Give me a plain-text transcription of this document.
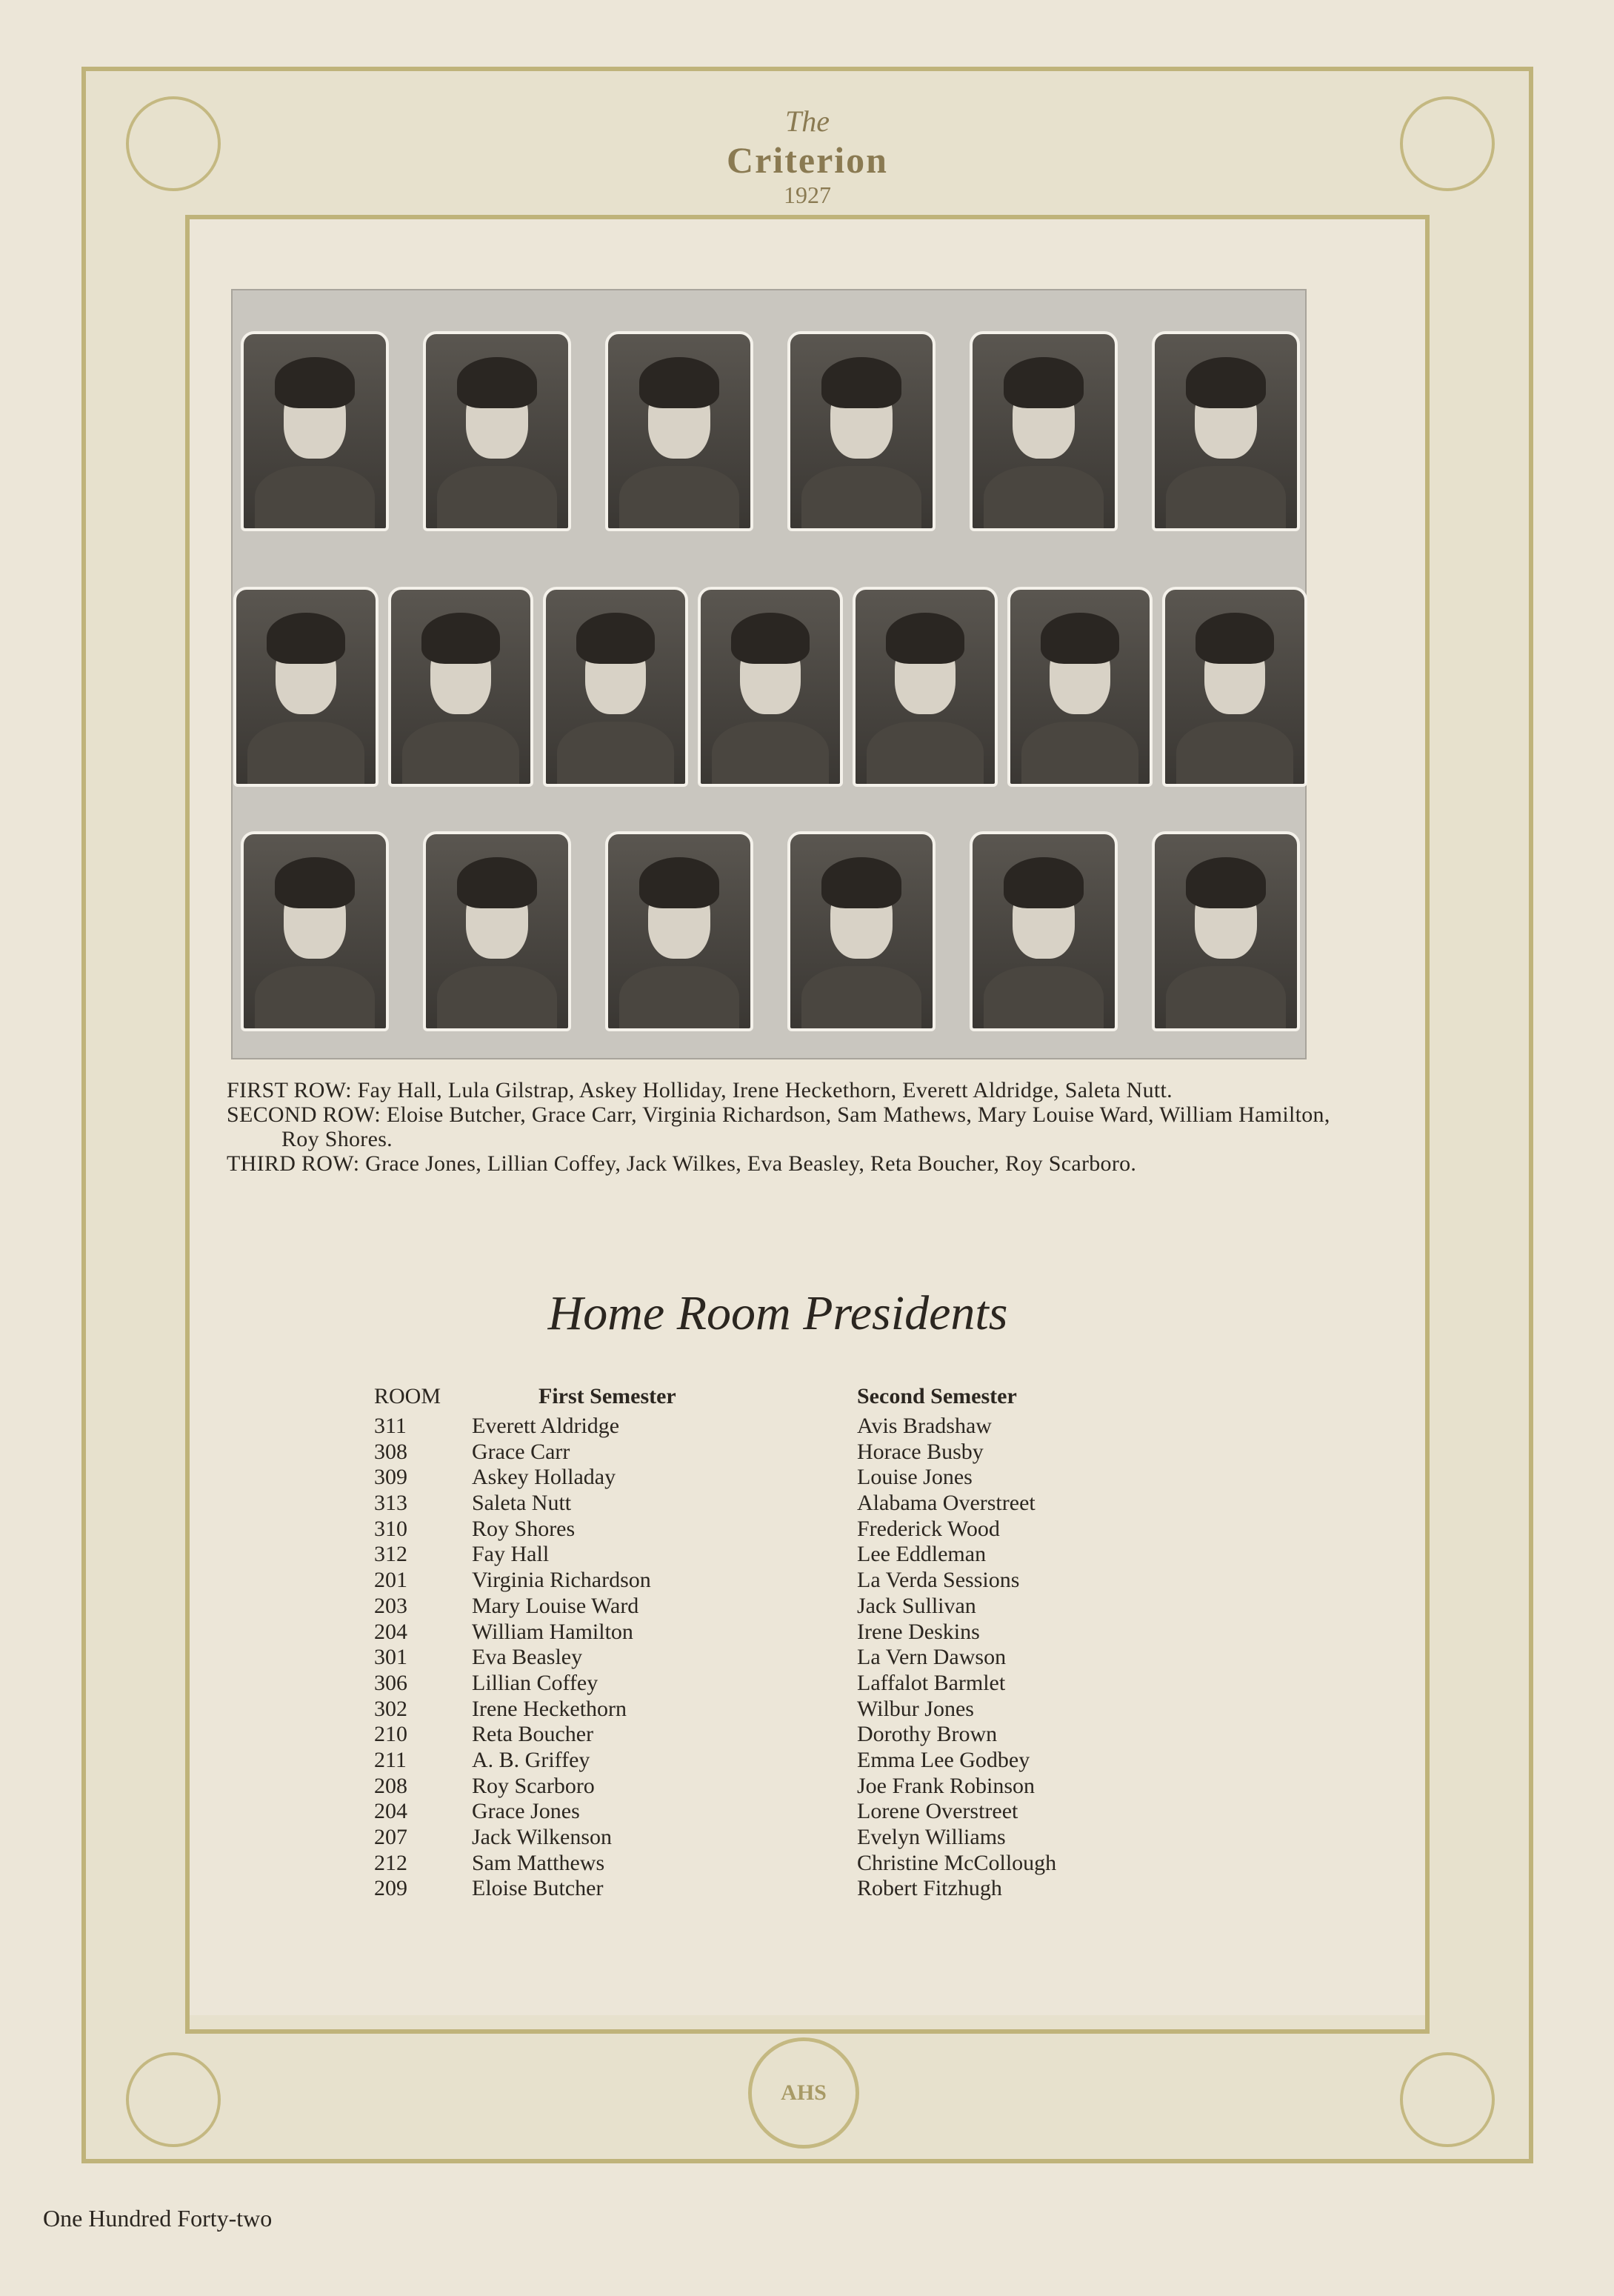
The
Criterion
1927

FIRST ROW: Fay Hall, Lula Gilstrap, Askey Holliday, Irene Heckethorn, Everett Aldridge, Saleta Nutt.

SECOND ROW: Eloise Butcher, Grace Carr, Virginia Richardson, Sam Mathews, Mary Louise Ward, William Hamilton, Roy Shores.

THIRD ROW: Grace Jones, Lillian Coffey, Jack Wilkes, Eva Beasley, Reta Boucher, Roy Scarboro.

Home Room Presidents
ROOM	First Semester	Second Semester
311	Everett Aldridge	Avis Bradshaw
308	Grace Carr	Horace Busby
309	Askey Holladay	Louise Jones
313	Saleta Nutt	Alabama Overstreet
310	Roy Shores	Frederick Wood
312	Fay Hall	Lee Eddleman
201	Virginia Richardson	La Verda Sessions
203	Mary Louise Ward	Jack Sullivan
204	William Hamilton	Irene Deskins
301	Eva Beasley	La Vern Dawson
306	Lillian Coffey	Laffalot Barmlet
302	Irene Heckethorn	Wilbur Jones
210	Reta Boucher	Dorothy Brown
211	A. B. Griffey	Emma Lee Godbey
208	Roy Scarboro	Joe Frank Robinson
204	Grace Jones	Lorene Overstreet
207	Jack Wilkenson	Evelyn Williams
212	Sam Matthews	Christine McCollough
209	Eloise Butcher	Robert Fitzhugh
AHS
One Hundred Forty-two
